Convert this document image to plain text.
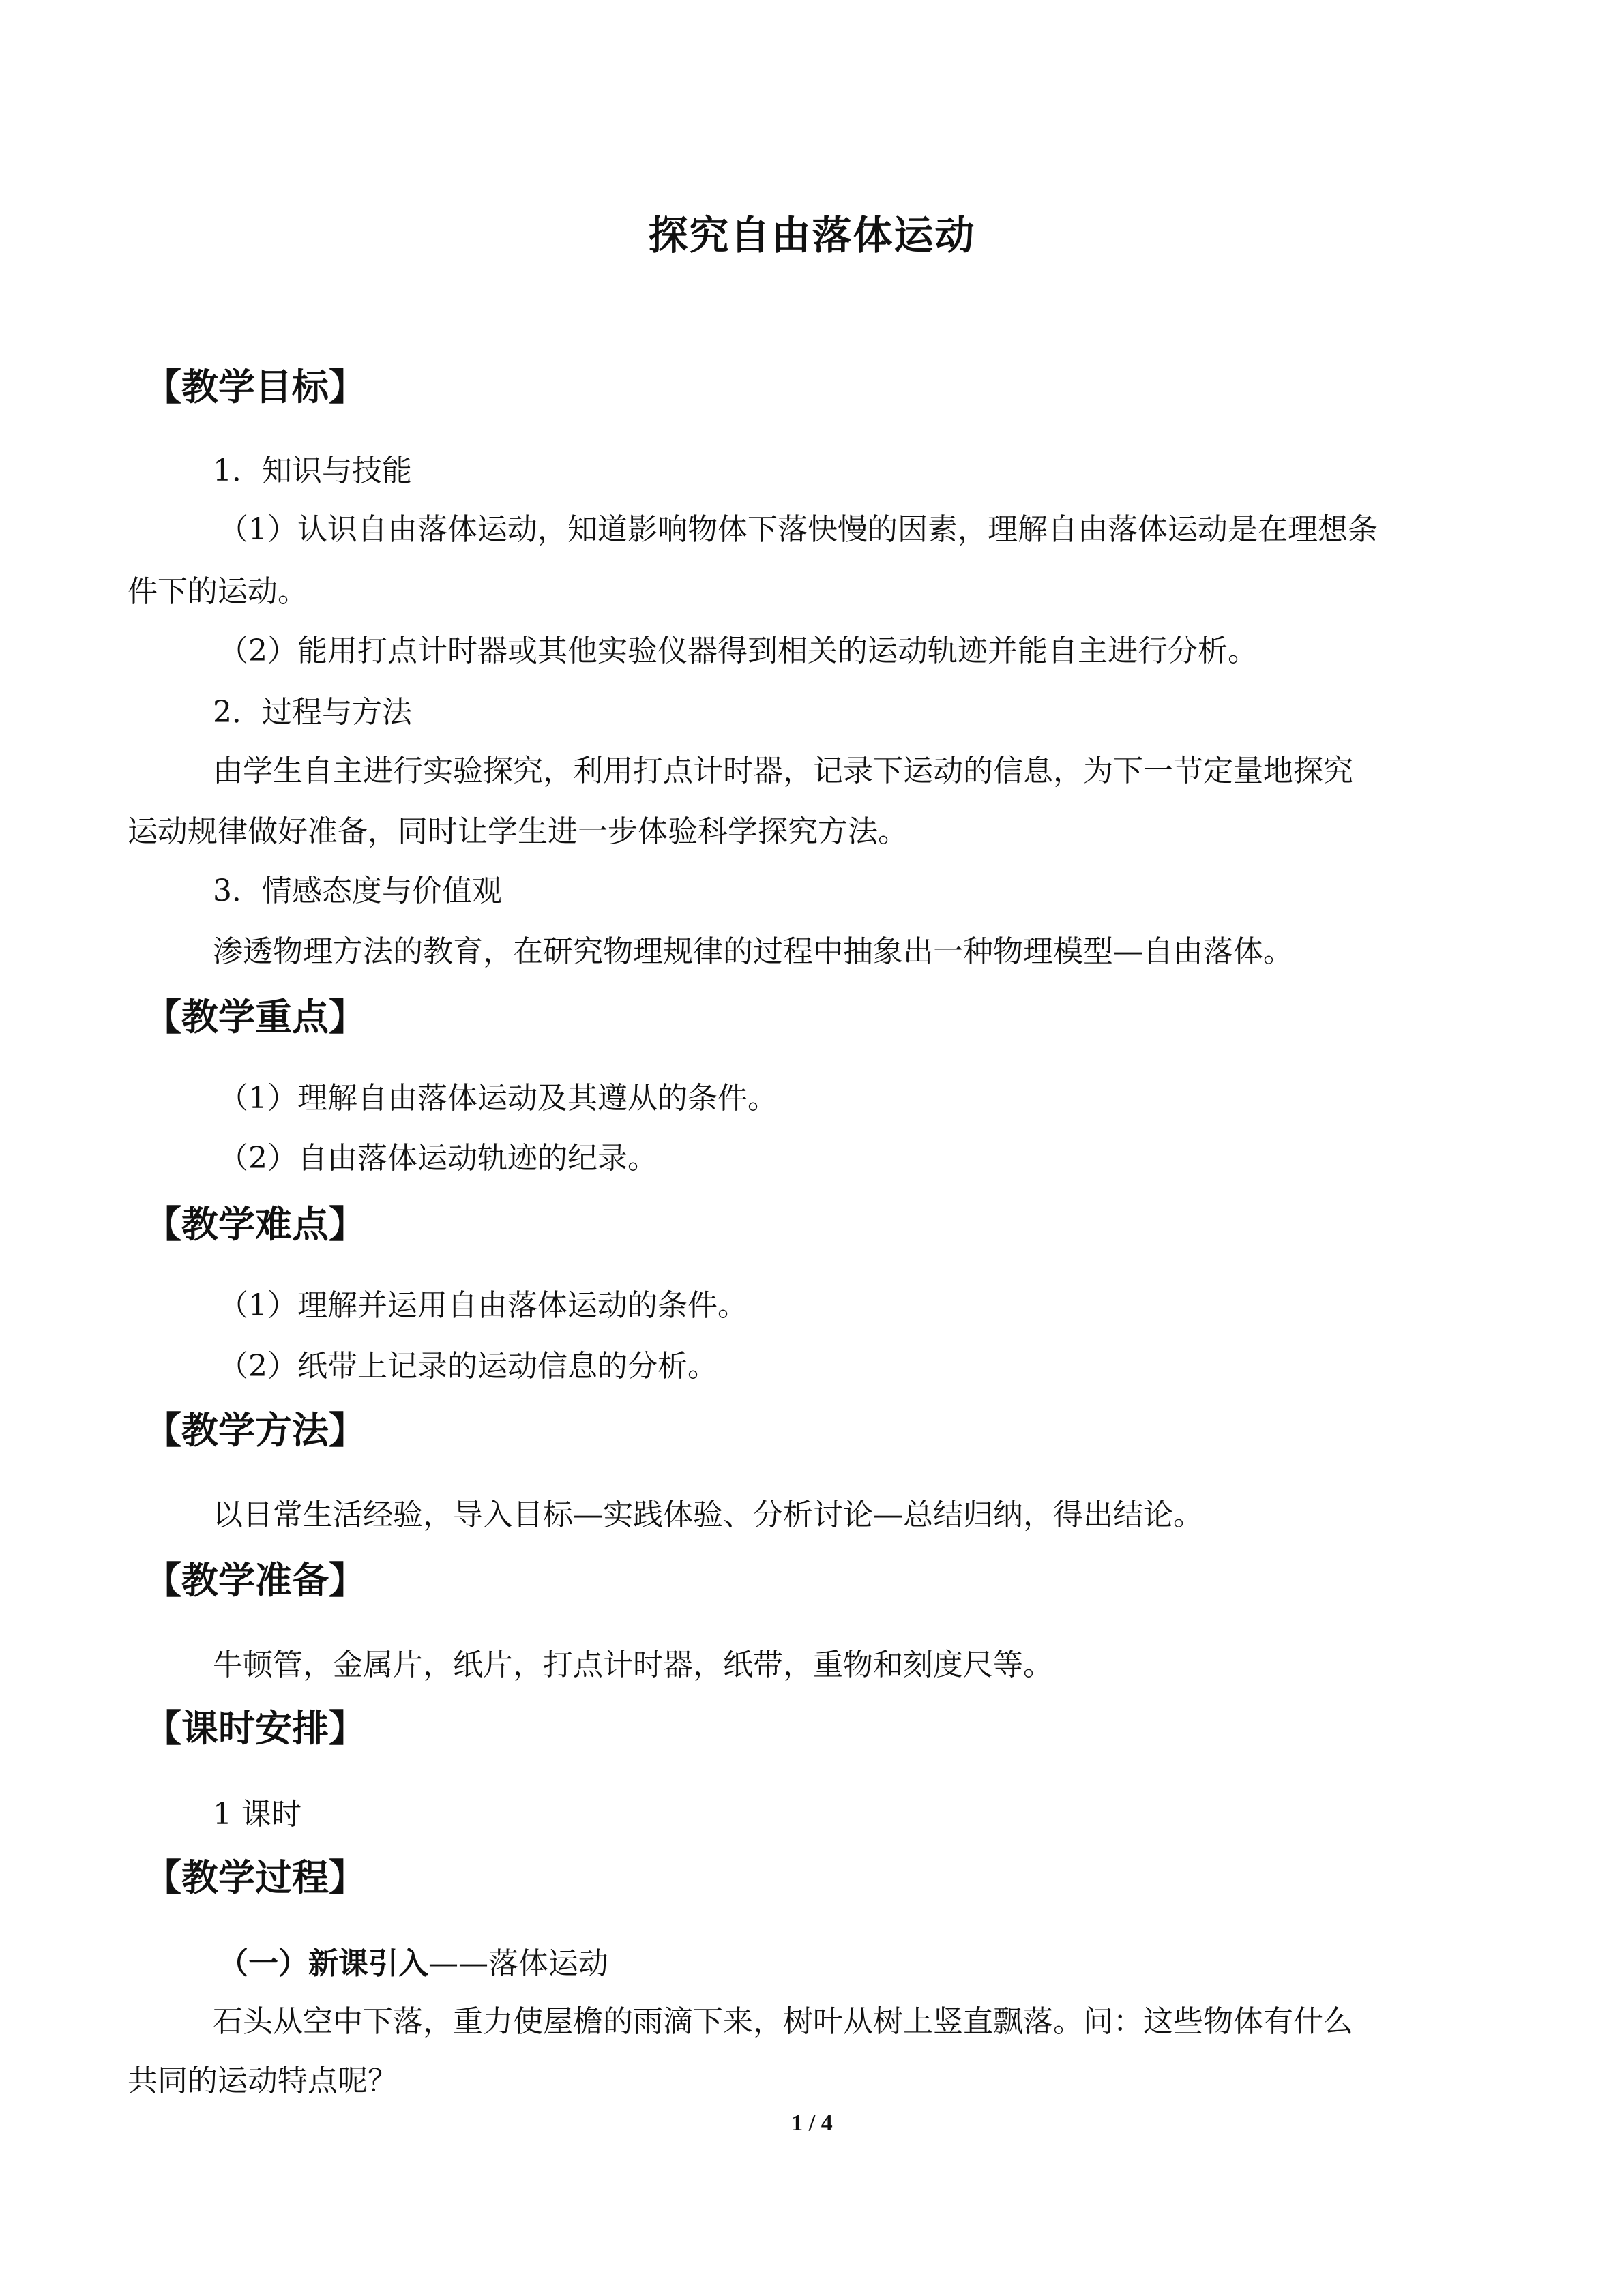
探究自由落体运动
【教学目标】
1．知识与技能
（1）认识自由落体运动，知道影响物体下落快慢的因素，理解自由落体运动是在理想条
件下的运动。
（2）能用打点计时器或其他实验仪器得到相关的运动轨迹并能自主进行分析。
2．过程与方法
由学生自主进行实验探究，利用打点计时器，记录下运动的信息，为下一节定量地探究
运动规律做好准备，同时让学生进一步体验科学探究方法。
3．情感态度与价值观
渗透物理方法的教育，在研究物理规律的过程中抽象出一种物理模型—自由落体。
【教学重点】
（1）理解自由落体运动及其遵从的条件。
（2）自由落体运动轨迹的纪录。
【教学难点】
（1）理解并运用自由落体运动的条件。
（2）纸带上记录的运动信息的分析。
【教学方法】
以日常生活经验，导入目标—实践体验、分析讨论—总结归纳，得出结论。
【教学准备】
牛顿管，金属片，纸片，打点计时器，纸带，重物和刻度尺等。
【课时安排】
1 课时
【教学过程】
（一）新课引入——落体运动
石头从空中下落，重力使屋檐的雨滴下来，树叶从树上竖直飘落。问：这些物体有什么
共同的运动特点呢？
1 / 4
